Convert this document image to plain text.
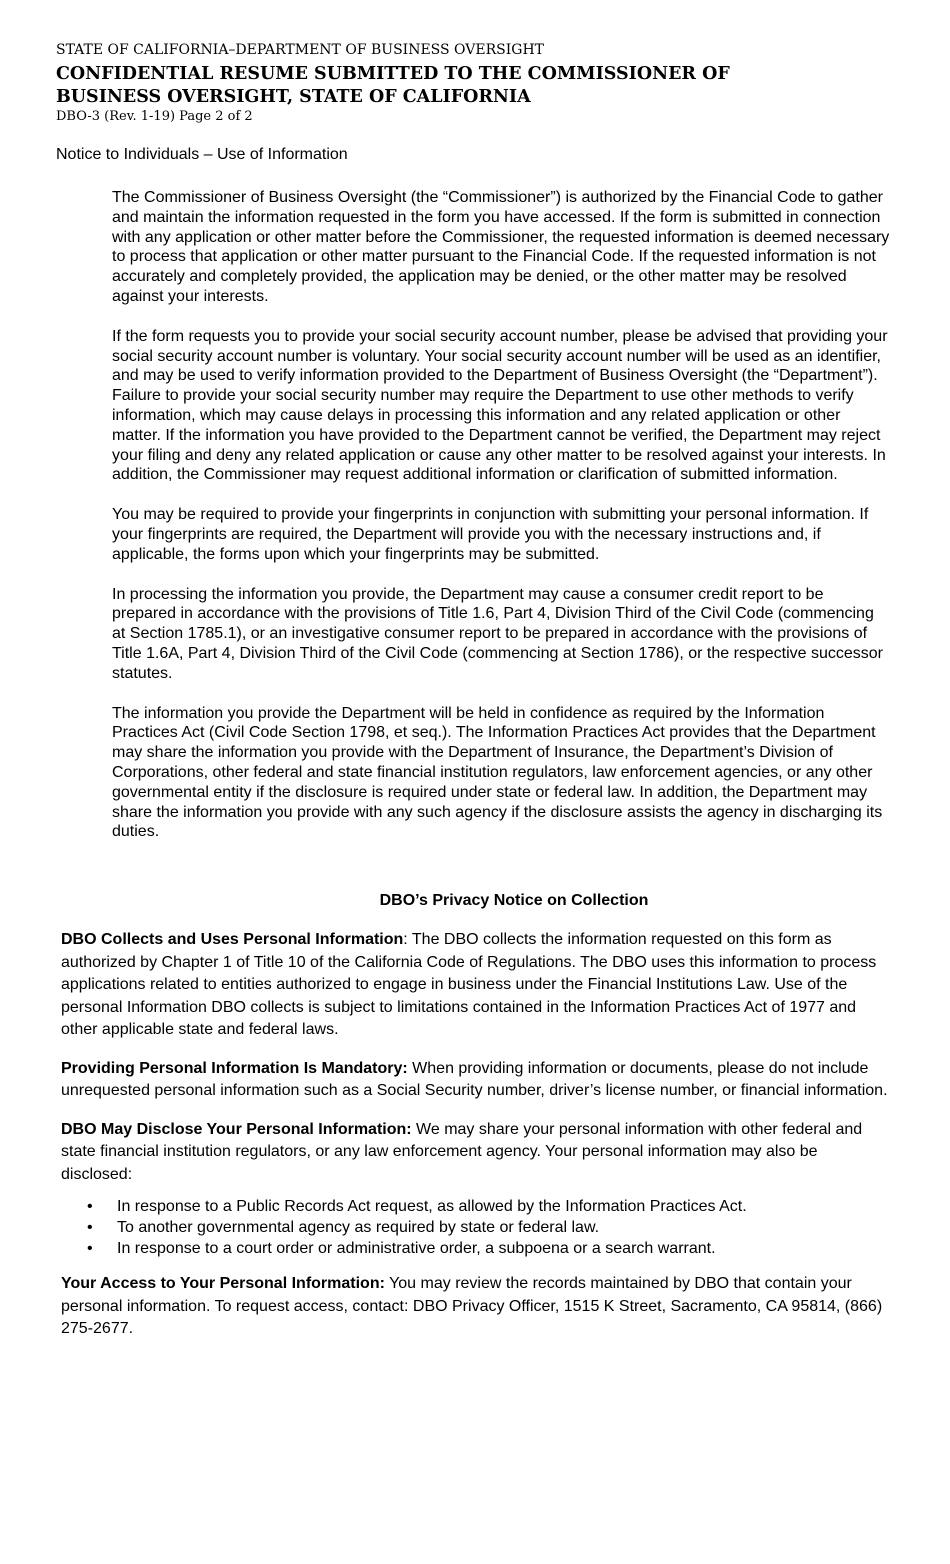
STATE OF CALIFORNIA–DEPARTMENT OF BUSINESS OVERSIGHT
CONFIDENTIAL RESUME SUBMITTED TO THE COMMISSIONER OF BUSINESS OVERSIGHT, STATE OF CALIFORNIA
DBO-3 (Rev. 1-19) Page 2 of 2
Notice to Individuals – Use of Information

The Commissioner of Business Oversight (the “Commissioner”) is authorized by the Financial Code to gather and maintain the information requested in the form you have accessed. If the form is submitted in connection with any application or other matter before the Commissioner, the requested information is deemed necessary to process that application or other matter pursuant to the Financial Code. If the requested information is not accurately and completely provided, the application may be denied, or the other matter may be resolved against your interests.

If the form requests you to provide your social security account number, please be advised that providing your social security account number is voluntary. Your social security account number will be used as an identifier, and may be used to verify information provided to the Department of Business Oversight (the “Department”). Failure to provide your social security number may require the Department to use other methods to verify information, which may cause delays in processing this information and any related application or other matter. If the information you have provided to the Department cannot be verified, the Department may reject your filing and deny any related application or cause any other matter to be resolved against your interests. In addition, the Commissioner may request additional information or clarification of submitted information.

You may be required to provide your fingerprints in conjunction with submitting your personal information. If your fingerprints are required, the Department will provide you with the necessary instructions and, if applicable, the forms upon which your fingerprints may be submitted.

In processing the information you provide, the Department may cause a consumer credit report to be prepared in accordance with the provisions of Title 1.6, Part 4, Division Third of the Civil Code (commencing at Section 1785.1), or an investigative consumer report to be prepared in accordance with the provisions of Title 1.6A, Part 4, Division Third of the Civil Code (commencing at Section 1786), or the respective successor statutes.

The information you provide the Department will be held in confidence as required by the Information Practices Act (Civil Code Section 1798, et seq.). The Information Practices Act provides that the Department may share the information you provide with the Department of Insurance, the Department’s Division of Corporations, other federal and state financial institution regulators, law enforcement agencies, or any other governmental entity if the disclosure is required under state or federal law. In addition, the Department may share the information you provide with any such agency if the disclosure assists the agency in discharging its duties.

DBO’s Privacy Notice on Collection

DBO Collects and Uses Personal Information: The DBO collects the information requested on this form as authorized by Chapter 1 of Title 10 of the California Code of Regulations. The DBO uses this information to process applications related to entities authorized to engage in business under the Financial Institutions Law. Use of the personal Information DBO collects is subject to limitations contained in the Information Practices Act of 1977 and other applicable state and federal laws.

Providing Personal Information Is Mandatory: When providing information or documents, please do not include unrequested personal information such as a Social Security number, driver’s license number, or financial information.

DBO May Disclose Your Personal Information: We may share your personal information with other federal and state financial institution regulators, or any law enforcement agency. Your personal information may also be disclosed:

• In response to a Public Records Act request, as allowed by the Information Practices Act.
• To another governmental agency as required by state or federal law.
• In response to a court order or administrative order, a subpoena or a search warrant.

Your Access to Your Personal Information: You may review the records maintained by DBO that contain your personal information. To request access, contact: DBO Privacy Officer, 1515 K Street, Sacramento, CA 95814, (866) 275-2677.
